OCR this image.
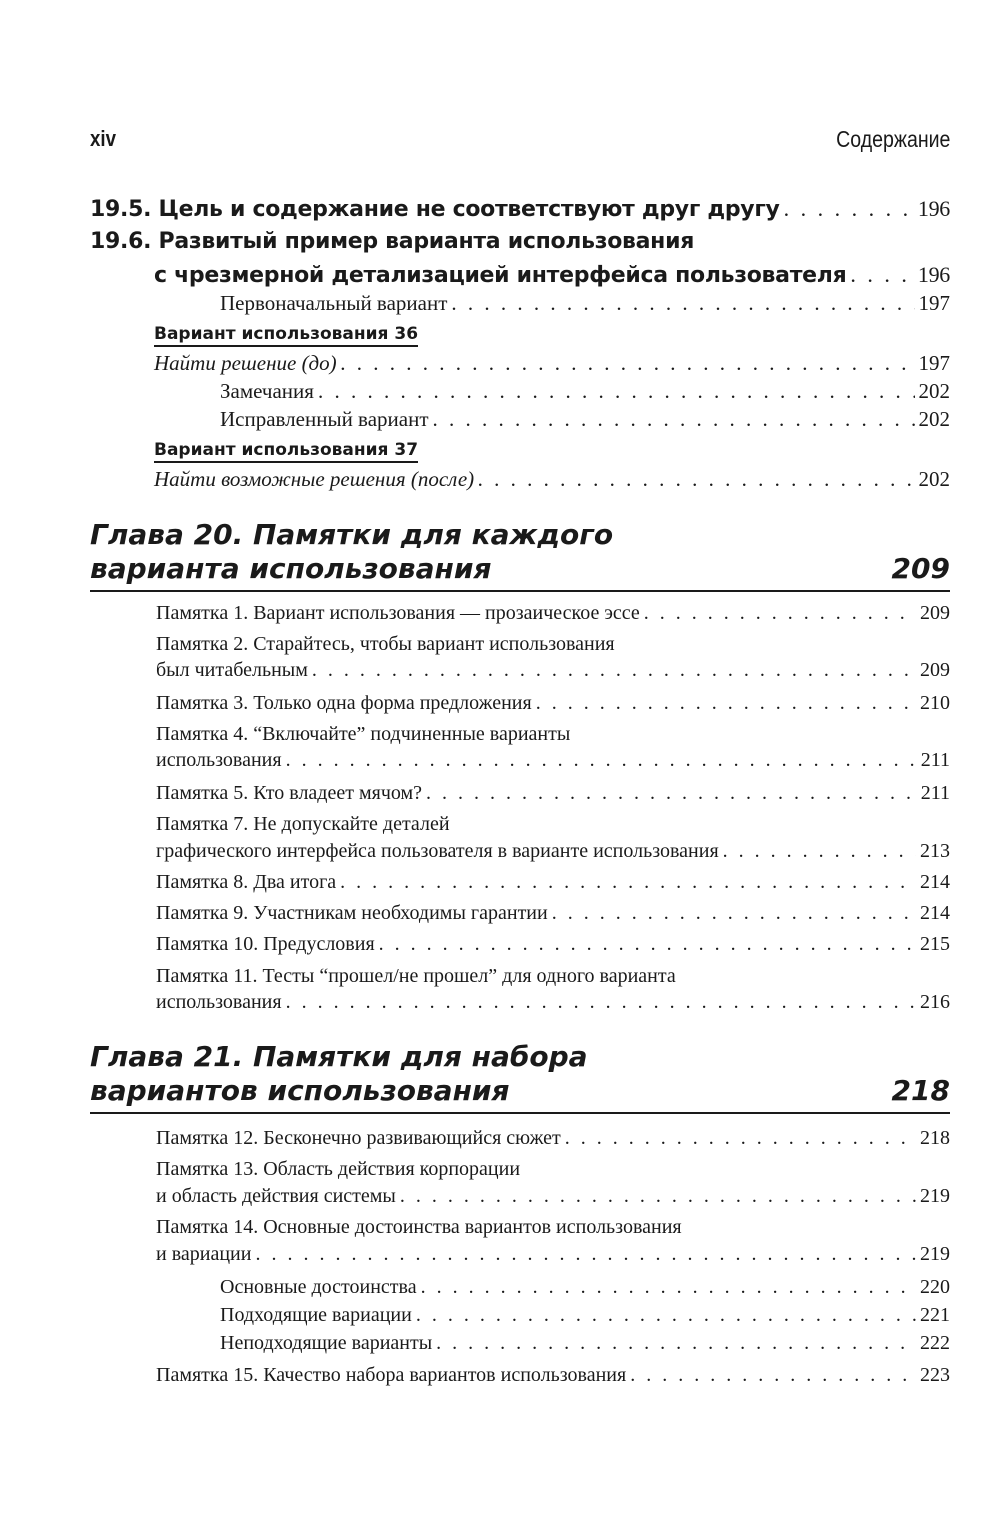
xiv	Содержание
19.5. Цель и содержание не соответствуют друг другу . . .	196
19.6. Развитый пример варианта использования
с чрезмерной детализацией интерфейса пользователя . . .	196
Первоначальный вариант . . .	197
Вариант использования 36
Найти решение (до) . . .	197
Замечания . . .	202
Исправленный вариант . . .	202
Вариант использования 37
Найти возможные решения (после) . . .	202
Глава 20. Памятки для каждого
варианта использования	209
Памятка 1. Вариант использования — прозаическое эссе . . .	209
Памятка 2. Старайтесь, чтобы вариант использования
был читабельным . . .	209
Памятка 3. Только одна форма предложения . . .	210
Памятка 4. “Включайте” подчиненные варианты
использования . . .	211
Памятка 5. Кто владеет мячом? . . .	211
Памятка 7. Не допускайте деталей
графического интерфейса пользователя в варианте использования . . .	213
Памятка 8. Два итога . . .	214
Памятка 9. Участникам необходимы гарантии . . .	214
Памятка 10. Предусловия . . .	215
Памятка 11. Тесты “прошел/не прошел” для одного варианта
использования . . .	216
Глава 21. Памятки для набора
вариантов использования	218
Памятка 12. Бесконечно развивающийся сюжет . . .	218
Памятка 13. Область действия корпорации
и область действия системы . . .	219
Памятка 14. Основные достоинства вариантов использования
и вариации . . .	219
Основные достоинства . . .	220
Подходящие вариации . . .	221
Неподходящие варианты . . .	222
Памятка 15. Качество набора вариантов использования . . .	223
